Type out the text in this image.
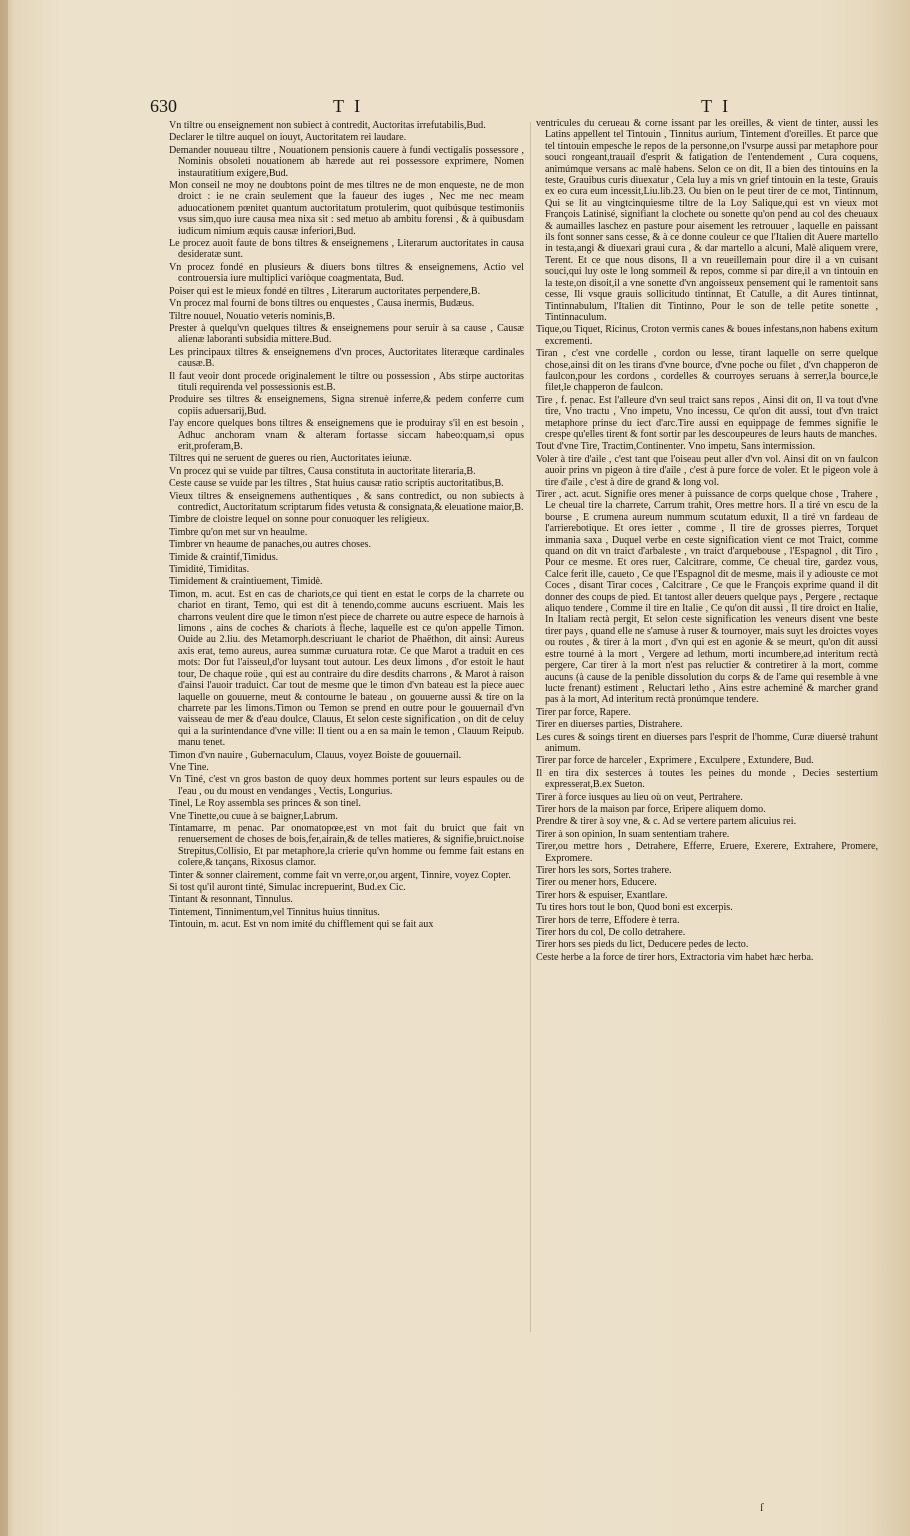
630	T I	T I
Vn tiltre ou enseignement non subiect à contredit, Auctoritas irrefutabilis,Bud.
Declarer le tiltre auquel on iouyt, Auctoritatem rei laudare.
Demander nouueau tiltre , Nouationem pensionis cauere à fundi vectigalis possessore , Nominis obsoleti nouationem ab hærede aut rei possessore exprimere, Nomen instauratitium exigere,Bud.
Mon conseil ne moy ne doubtons point de mes tiltres ne de mon enqueste, ne de mon droict : ie ne crain seulement que la faueur des iuges , Nec me nec meam aduocationem pœnitet quantum auctoritatum protulerim, quot quibúsque testimoniis vsus sim,quo iure causa mea nixa sit : sed metuo ab ambitu forensi , & à quibusdam iudicum nimium æquis causæ inferiori,Bud.
Le procez auoit faute de bons tiltres & enseignemens , Literarum auctoritates in causa desideratæ sunt.
Vn procez fondé en plusieurs & diuers bons tiltres & enseignemens, Actio vel controuersia iure multiplici variòque coagmentata, Bud.
Poiser qui est le mieux fondé en tiltres , Literarum auctoritates perpendere,B.
Vn procez mal fourni de bons tiltres ou enquestes , Causa inermis, Budæus.
Tiltre nouuel, Nouatio veteris nominis,B.
Prester à quelqu'vn quelques tiltres & enseignemens pour seruir à sa cause , Causæ alienæ laboranti subsidia mittere.Bud.
Les principaux tiltres & enseignemens d'vn proces, Auctoritates literæque cardinales causæ.B.
Il faut veoir dont procede originalement le tiltre ou possession , Abs stirpe auctoritas tituli requirenda vel possessionis est.B.
Produire ses tiltres & enseignemens, Signa strenuè inferre,& pedem conferre cum copiis aduersarij,Bud.
I'ay encore quelques bons tiltres & enseignemens que ie produiray s'il en est besoin , Adhuc anchoram vnam & alteram fortasse siccam habeo:quam,si opus erit,proferam,B.
Tiltres qui ne seruent de gueres ou rien, Auctoritates ieiunæ.
Vn procez qui se vuide par tiltres, Causa constituta in auctoritate literaria,B.
Ceste cause se vuide par les tiltres , Stat huius causæ ratio scriptis auctoritatibus,B.
Vieux tiltres & enseignemens authentiques , & sans contredict, ou non subiects à contredict, Auctoritatum scriptarum fides vetusta & consignata,& eleuatione maior,B.
Timbre de cloistre lequel on sonne pour conuoquer les religieux.
Timbre qu'on met sur vn heaulme.
Timbrer vn heaume de panaches,ou autres choses.
Timide & craintif,Timidus.
Timidité, Timiditas.
Timidement & craintiuement, Timidè.
Timon, m. acut. Est en cas de chariots,ce qui tient en estat le corps de la charrete ou chariot en tirant, Temo, qui est dit à tenendo,comme aucuns escriuent. Mais les charrons veulent dire que le timon n'est piece de charrete ou autre espece de harnois à limons , ains de coches & chariots à fleche, laquelle est ce qu'on appelle Timon. Ouide au 2.liu. des Metamorph.descriuant le chariot de Phaëthon, dit ainsi: Aureus axis erat, temo aureus, aurea summæ curuatura rotæ. Ce que Marot a traduit en ces mots: Dor fut l'aisseul,d'or luysant tout autour. Les deux limons , d'or estoit le haut tour, De chaque roüe , qui est au contraire du dire desdits charrons , & Marot à raison d'ainsi l'auoir traduict. Car tout de mesme que le timon d'vn bateau est la piece auec laquelle on gouuerne, meut & contourne le bateau , on gouuerne aussi & tire on la charrete par les limons.Timon ou Temon se prend en outre pour le gouuernail d'vn vaisseau de mer & d'eau doulce, Clauus, Et selon ceste signification , on dit de celuy qui a la surintendance d'vne ville: Il tient ou a en sa main le temon , Clauum Reipub. manu tenet.
Timon d'vn nauire , Gubernaculum, Clauus, voyez Boiste de gouuernail.
Vne Tine.
Vn Tiné, c'est vn gros baston de quoy deux hommes portent sur leurs espaules ou de l'eau , ou du moust en vendanges , Vectis, Longurius.
Tinel, Le Roy assembla ses princes & son tinel.
Vne Tinette,ou cuue à se baigner,Labrum.
Tintamarre, m penac. Par onomatopœe,est vn mot fait du bruict que fait vn renuersement de choses de bois,fer,airain,& de telles matieres, & signifie,bruict.noise Strepitus,Collisio, Et par metaphore,la crierie qu'vn homme ou femme fait estans en colere,& tançans, Rixosus clamor.
Tinter & sonner clairement, comme fait vn verre,or,ou argent, Tinnire, voyez Copter.
Si tost qu'il auront tinté, Simulac increpuerint, Bud.ex Cic.
Tintant & resonnant, Tinnulus.
Tintement, Tinnimentum,vel Tinnitus huius tinnitus.
Tintouin, m. acut. Est vn nom imité du chifflement qui se fait aux
ventricules du cerueau & corne issant par les oreilles, & vient de tinter, aussi les Latins appellent tel Tintouin , Tinnitus aurium, Tintement d'oreilles. Et parce que tel tintouin empesche le repos de la personne,on l'vsurpe aussi par metaphore pour souci rongeant,trauail d'esprit & fatigation de l'entendement , Cura coquens, animúmque versans ac malè habens. Selon ce on dit, Il a bien des tintouins en la teste, Grauibus curis diuexatur , Cela luy a mis vn grief tintouin en la teste, Grauis ex eo cura eum incessit,Liu.lib.23. Ou bien on le peut tirer de ce mot, Tintinnum, Qui se lit au vingtcinquiesme tiltre de la Loy Salique,qui est vn vieux mot François Latinisé, signifiant la clochete ou sonette qu'on pend au col des cheuaux & aumailles laschez en pasture pour aisement les retrouuer , laquelle en paissant ils font sonner sans cesse, & à ce donne couleur ce que l'Italien dit Auere martello in testa,angi & diuexari graui cura , & dar martello a alcuni, Malè aliquem vrere, Terent. Et ce que nous disons, Il a vn reueillemain pour dire il a vn cuisant souci,qui luy oste le long sommeil & repos, comme si par dire,il a vn tintouin en la teste,on disoit,il a vne sonette d'vn angoisseux pensement qui le ramentoit sans cesse, Ili vsque grauis sollicitudo tintinnat, Et Catulle, a dit Aures tintinnat, Tintinnabulum, l'Italien dit Tintinno, Pour le son de telle petite sonette , Tintinnaculum.
Tique,ou Tiquet, Ricinus, Croton vermis canes & boues infestans,non habens exitum excrementi.
Tiran , c'est vne cordelle , cordon ou lesse, tirant laquelle on serre quelque chose,ainsi dit on les tirans d'vne bource, d'vne poche ou filet , d'vn chapperon de faulcon,pour les cordons , cordelles & courroyes seruans à serrer,la bource,le filet,le chapperon de faulcon.
Tire , f. penac. Est l'alleure d'vn seul traict sans repos , Ainsi dit on, Il va tout d'vne tire, Vno tractu , Vno impetu, Vno incessu, Ce qu'on dit aussi, tout d'vn traict metaphore prinse du iect d'arc.Tire aussi en equippage de femmes signifie le crespe qu'elles tirent & font sortir par les descoupeures de leurs hauts de manches.
Tout d'vne Tire, Tractim,Continenter. Vno impetu, Sans intermission.
Voler à tire d'aile , c'est tant que l'oiseau peut aller d'vn vol. Ainsi dit on vn faulcon auoir prins vn pigeon à tire d'aile , c'est à pure force de voler. Et le pigeon vole à tire d'aile , c'est à dire de grand & long vol.
Tirer , act. acut. Signifie ores mener à puissance de corps quelque chose , Trahere , Le cheual tire la charrete, Carrum trahit, Ores mettre hors. Il a tiré vn escu de la bourse , E crumena aureum nummum scutatum eduxit, Il a tiré vn fardeau de l'arrierebotique. Et ores ietter , comme , Il tire de grosses pierres, Torquet immania saxa , Duquel verbe en ceste signification vient ce mot Traict, comme quand on dit vn traict d'arbaleste , vn traict d'arquebouse , l'Espagnol , dit Tiro , Pour ce mesme. Et ores ruer, Calcitrare, comme, Ce cheual tire, gardez vous, Calce ferit ille, caueto , Ce que l'Espagnol dit de mesme, mais il y adiouste ce mot Coces , disant Tirar coces , Calcitrare , Ce que le François exprime quand il dit donner des coups de pied. Et tantost aller deuers quelque pays , Pergere , rectaque aliquo tendere , Comme il tire en Italie , Ce qu'on dit aussi , Il tire droict en Italie, In Italiam rectà pergit, Et selon ceste signification les veneurs disent vne beste tirer pays , quand elle ne s'amuse à ruser & tournoyer, mais suyt les droictes voyes ou routes , & tirer à la mort , d'vn qui est en agonie & se meurt, qu'on dit aussi estre tourné à la mort , Vergere ad lethum, morti incumbere,ad interitum rectà pergere, Car tirer à la mort n'est pas reluctier & contretirer à la mort, comme aucuns (à cause de la penible dissolution du corps & de l'ame qui resemble à vne lucte frenant) estiment , Reluctari letho , Ains estre acheminé & marcher grand pas à la mort, Ad interitum rectà pronúmque tendere.
Tirer par force, Rapere.
Tirer en diuerses parties, Distrahere.
Les cures & soings tirent en diuerses pars l'esprit de l'homme, Curæ diuersè trahunt animum.
Tirer par force de harceler , Exprimere , Exculpere , Extundere, Bud.
Il en tira dix sesterces à toutes les peines du monde , Decies sestertium expresserat,B.ex Sueton.
Tirer à force iusques au lieu où on veut, Pertrahere.
Tirer hors de la maison par force, Eripere aliquem domo.
Prendre & tirer à soy vne, & c. Ad se vertere partem alicuius rei.
Tirer à son opinion, In suam sententiam trahere.
Tirer,ou mettre hors , Detrahere, Efferre, Eruere, Exerere, Extrahere, Promere, Expromere.
Tirer hors les sors, Sortes trahere.
Tirer ou mener hors, Educere.
Tirer hors & espuiser, Exantlare.
Tu tires hors tout le bon, Quod boni est excerpis.
Tirer hors de terre, Effodere è terra.
Tirer hors du col, De collo detrahere.
Tirer hors ses pieds du lict, Deducere pedes de lecto.
Ceste herbe a la force de tirer hors, Extractoria vim habet hæc herba.
ſ
